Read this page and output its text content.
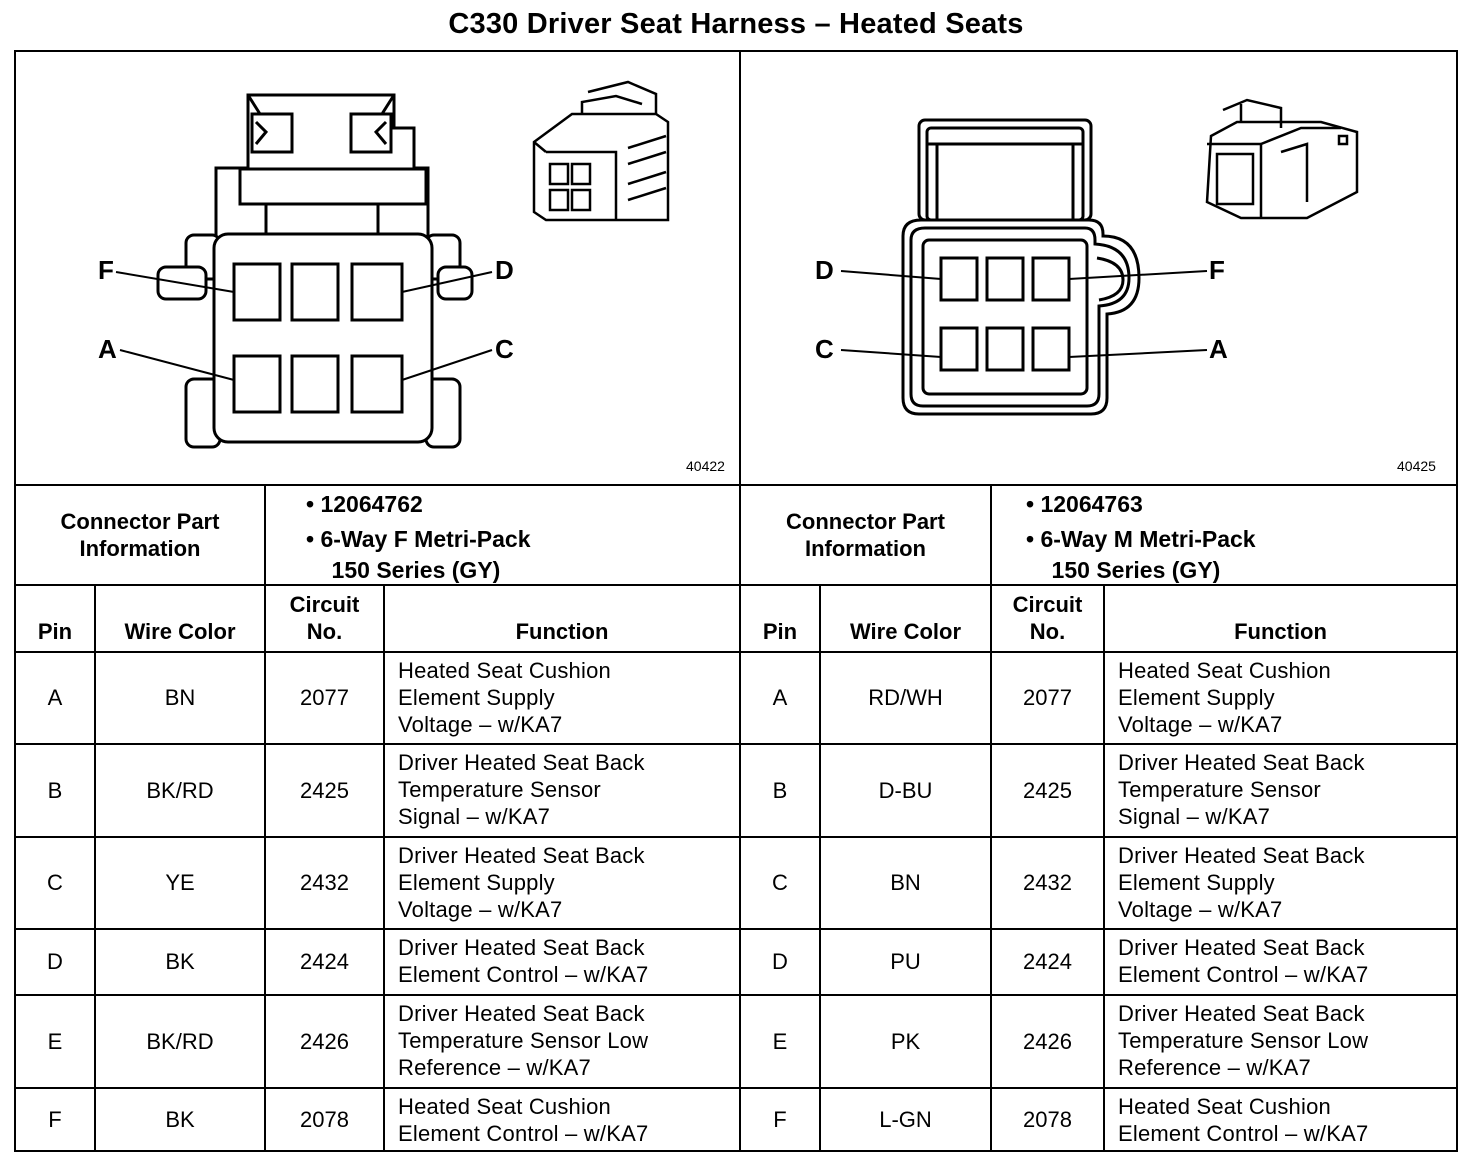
C330 Driver Seat Harness – Heated Seats
F	D
A	C
40422
D	F
C	A
40425
Connector Part
Information
• 12064762
• 6-Way F Metri-Pack
150 Series (GY)
Connector Part
Information
• 12064763
• 6-Way M Metri-Pack
150 Series (GY)
Pin	Wire Color
Circuit
No.	Function	Pin	Wire Color
Circuit
No.	Function
A	BN	2077
Heated Seat Cushion
Element Supply
Voltage – w/KA7
B	BK/RD	2425
Driver Heated Seat Back
Temperature Sensor
Signal – w/KA7
C	YE	2432
Driver Heated Seat Back
Element Supply
Voltage – w/KA7
D	BK	2424
Driver Heated Seat Back
Element Control – w/KA7
E	BK/RD	2426
Driver Heated Seat Back
Temperature Sensor Low
Reference – w/KA7
F	BK	2078	Heated Seat Cushion
Element Control – w/KA7
A	RD/WH	2077
Heated Seat Cushion
Element Supply
Voltage – w/KA7
B	D-BU	2425
Driver Heated Seat Back
Temperature Sensor
Signal – w/KA7
C	BN	2432
Driver Heated Seat Back
Element Supply
Voltage – w/KA7
D	PU	2424
Driver Heated Seat Back
Element Control – w/KA7
E	PK	2426
Driver Heated Seat Back
Temperature Sensor Low
Reference – w/KA7
F	L-GN	2078	Heated Seat Cushion
Element Control – w/KA7
